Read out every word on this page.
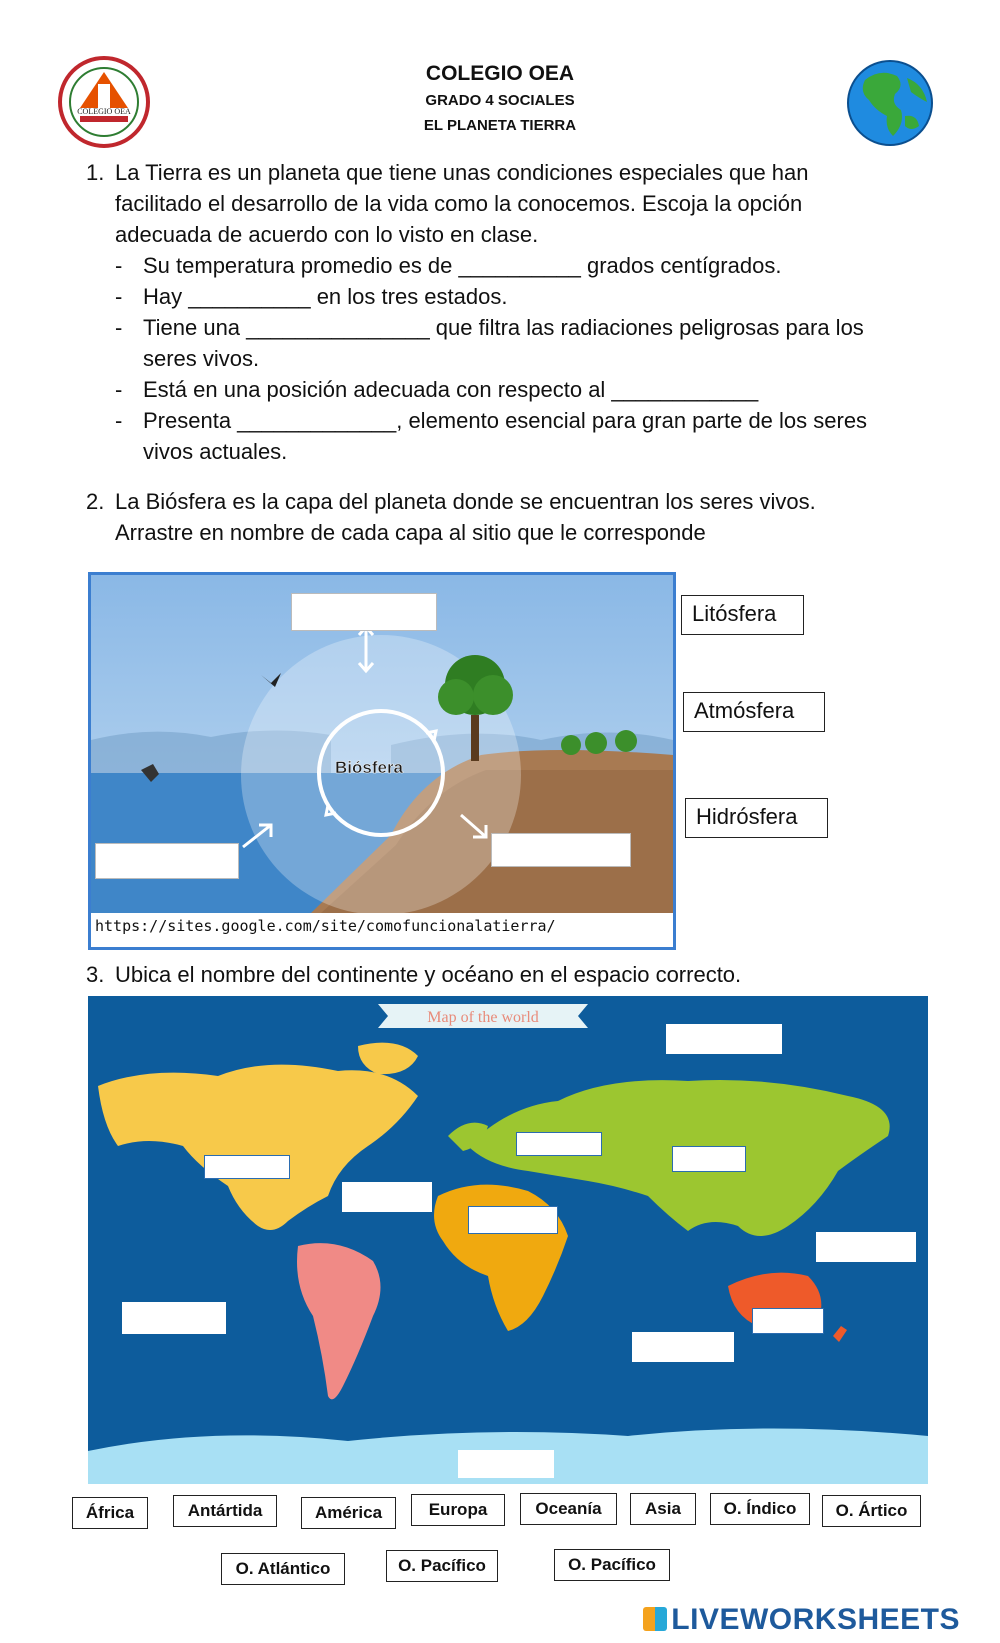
COLEGIO OEA
COLEGIO OEA
GRADO 4 SOCIALES
EL PLANETA TIERRA
1. La Tierra es un planeta que tiene unas condiciones especiales que han
facilitado el desarrollo de la vida como la conocemos. Escoja la opción
adecuada de acuerdo con lo visto en clase.
- Su temperatura promedio es de __________ grados centígrados.
- Hay __________ en los tres estados.
- Tiene una _______________ que filtra las radiaciones peligrosas para los
seres vivos.
- Está en una posición adecuada con respecto al ____________
- Presenta _____________, elemento esencial para gran parte de los seres
vivos actuales.
2. La Biósfera es la capa del planeta donde se encuentran los seres vivos.
Arrastre en nombre de cada capa al sitio que le corresponde
Biósfera
https://sites.google.com/site/comofuncionalatierra/
Litósfera
Atmósfera
Hidrósfera
3. Ubica el nombre del continente y océano en el espacio correcto.
Map of the world
África	Antártida	América	Europa	Oceanía	Asia	O. Índico	O. Ártico
O. Atlántico	O. Pacífico	O. Pacífico
LIVEWORKSHEETS
